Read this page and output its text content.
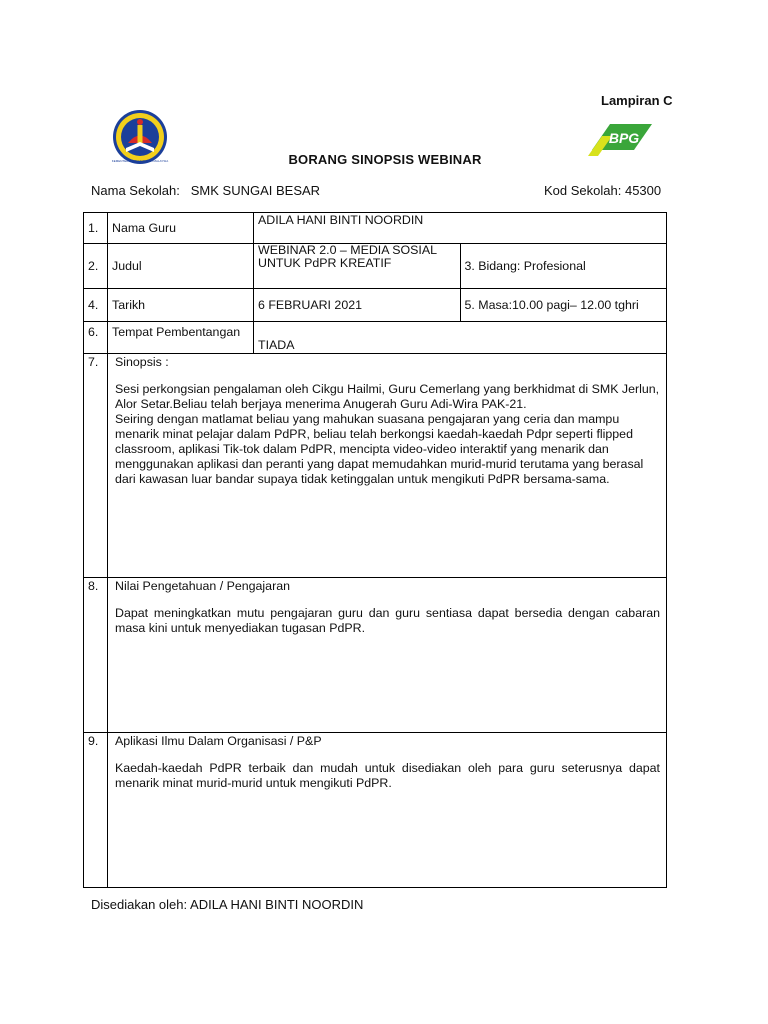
KEMENTERIAN PENDIDIKAN MALAYSIA
BPG
Lampiran C
BORANG SINOPSIS WEBINAR
Nama Sekolah: SMK SUNGAI BESAR	Kod Sekolah: 45300
1.	Nama Guru	ADILA HANI BINTI NOORDIN	
2.	Judul	WEBINAR 2.0 – MEDIA SOSIAL
UNTUK PdPR KREATIF	3. Bidang: Profesional
4.	Tarikh	6 FEBRUARI 2021	5. Masa:10.00 pagi– 12.00 tghri
6.	Tempat Pembentangan	TIADA	
7.	Sinopsis :
Sesi perkongsian pengalaman oleh Cikgu Hailmi, Guru Cemerlang yang berkhidmat di SMK Jerlun, Alor Setar.Beliau telah berjaya menerima Anugerah Guru Adi-Wira PAK-21.
Seiring dengan matlamat beliau yang mahukan suasana pengajaran yang ceria dan mampu menarik minat pelajar dalam PdPR, beliau telah berkongsi kaedah-kaedah Pdpr seperti flipped classroom, aplikasi Tik-tok dalam PdPR, mencipta video-video interaktif yang menarik dan menggunakan aplikasi dan peranti yang dapat memudahkan murid-murid terutama yang berasal dari kawasan luar bandar supaya tidak ketinggalan untuk mengikuti PdPR bersama-sama.		

8.	Nilai Pengetahuan / Pengajaran
Dapat meningkatkan mutu pengajaran guru dan guru sentiasa dapat bersedia dengan cabaran masa kini untuk menyediakan tugasan PdPR.		

9.	Aplikasi Ilmu Dalam Organisasi / P&P
Kaedah-kaedah PdPR terbaik dan mudah untuk disediakan oleh para guru seterusnya dapat menarik minat murid-murid untuk mengikuti PdPR.		
Disediakan oleh: ADILA HANI BINTI NOORDIN
